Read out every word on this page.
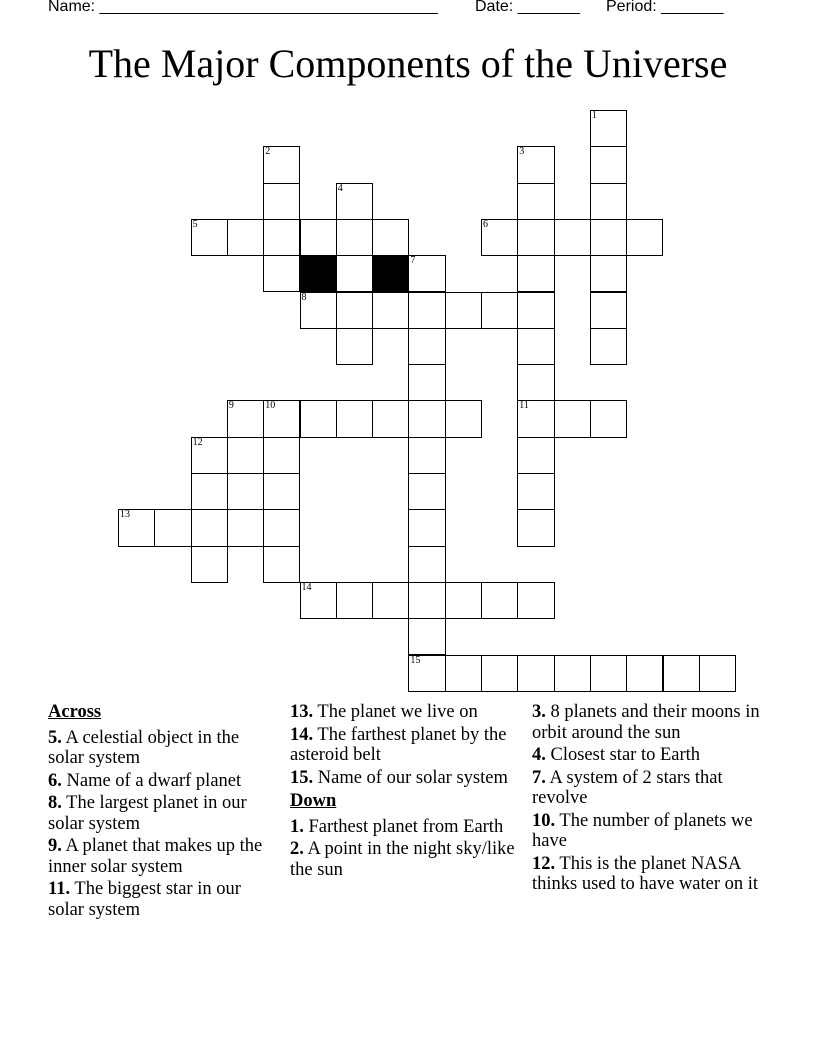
Name: ______________________________________

Date: _______

Period: _______

The Major Components of the Universe
1
2	3
11
4
5	6
7
15
8
9	10
12
13
14
Across
5. A celestial object in the solar system
6. Name of a dwarf planet
8. The largest planet in our solar system
9. A planet that makes up the inner solar system
11. The biggest star in our solar system
13. The planet we live on
14. The farthest planet by the asteroid belt
15. Name of our solar system
Down
1. Farthest planet from Earth
2. A point in the night sky/like the sun
3. 8 planets and their moons in orbit around the sun
4. Closest star to Earth
7. A system of 2 stars that revolve
10. The number of planets we have
12. This is the planet NASA thinks used to have water on it
